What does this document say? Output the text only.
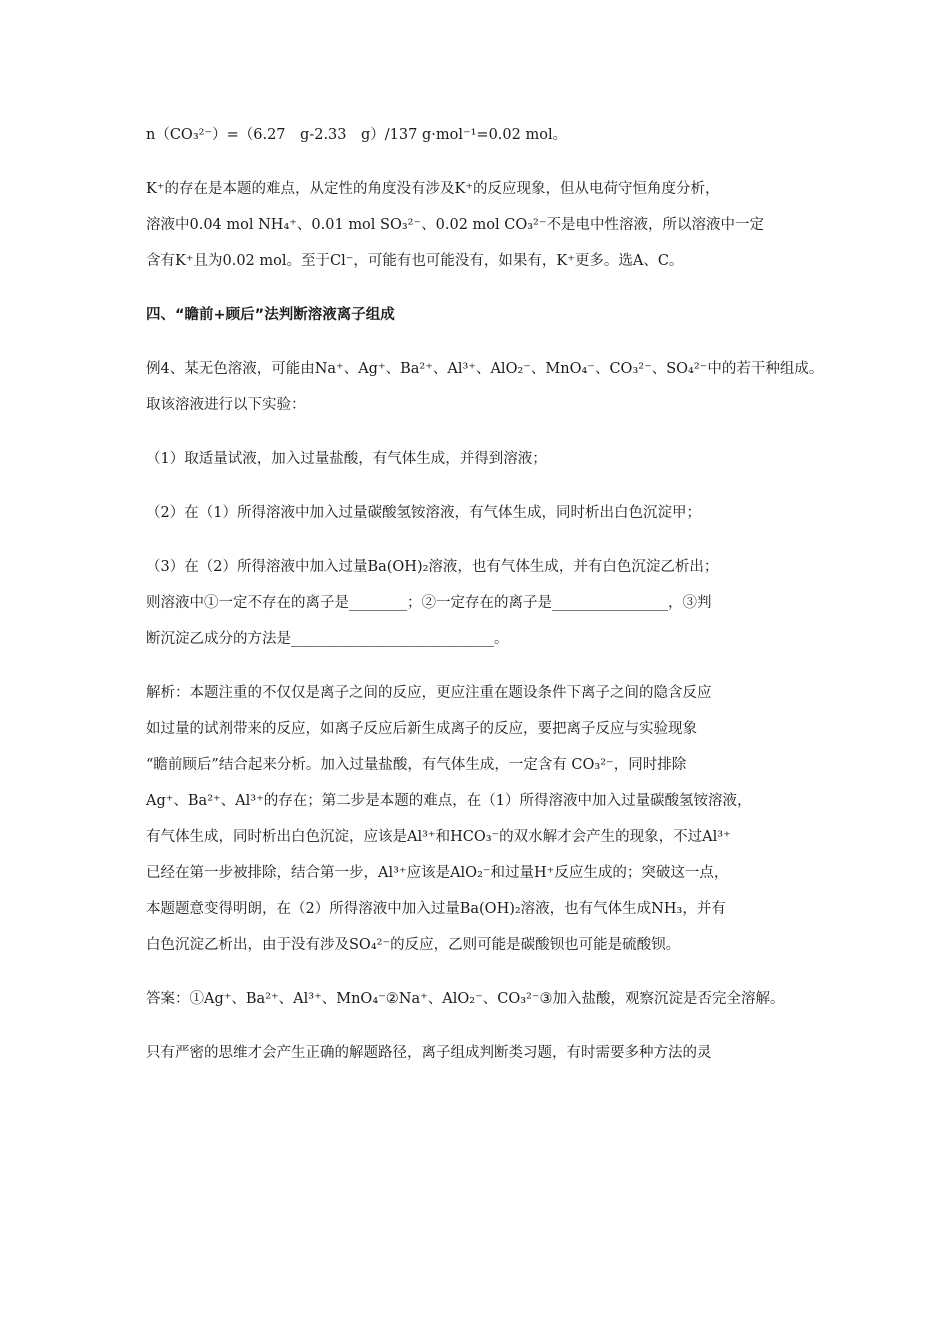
n（CO₃²⁻）=（6.27　g-2.33　g）/137 g·mol⁻¹=0.02 mol。

K⁺的存在是本题的难点，从定性的角度没有涉及K⁺的反应现象，但从电荷守恒角度分析，

溶液中0.04 mol NH₄⁺、0.01 mol SO₃²⁻、0.02 mol CO₃²⁻不是电中性溶液，所以溶液中一定

含有K⁺且为0.02 mol。至于Cl⁻，可能有也可能没有，如果有，K⁺更多。选A、C。

四、“瞻前+顾后”法判断溶液离子组成

例4、某无色溶液，可能由Na⁺、Ag⁺、Ba²⁺、Al³⁺、AlO₂⁻、MnO₄⁻、CO₃²⁻、SO₄²⁻中的若干种组成。

取该溶液进行以下实验：

（1）取适量试液，加入过量盐酸，有气体生成，并得到溶液；

（2）在（1）所得溶液中加入过量碳酸氢铵溶液，有气体生成，同时析出白色沉淀甲；

（3）在（2）所得溶液中加入过量Ba(OH)₂溶液，也有气体生成，并有白色沉淀乙析出；

则溶液中①一定不存在的离子是________；②一定存在的离子是________________，③判

断沉淀乙成分的方法是____________________________。

解析：本题注重的不仅仅是离子之间的反应，更应注重在题设条件下离子之间的隐含反应

如过量的试剂带来的反应，如离子反应后新生成离子的反应，要把离子反应与实验现象

“瞻前顾后”结合起来分析。加入过量盐酸，有气体生成，一定含有 CO₃²⁻，同时排除

Ag⁺、Ba²⁺、Al³⁺的存在；第二步是本题的难点，在（1）所得溶液中加入过量碳酸氢铵溶液，

有气体生成，同时析出白色沉淀，应该是Al³⁺和HCO₃⁻的双水解才会产生的现象，不过Al³⁺

已经在第一步被排除，结合第一步，Al³⁺应该是AlO₂⁻和过量H⁺反应生成的；突破这一点，

本题题意变得明朗，在（2）所得溶液中加入过量Ba(OH)₂溶液，也有气体生成NH₃，并有

白色沉淀乙析出，由于没有涉及SO₄²⁻的反应，乙则可能是碳酸钡也可能是硫酸钡。

答案：①Ag⁺、Ba²⁺、Al³⁺、MnO₄⁻②Na⁺、AlO₂⁻、CO₃²⁻③加入盐酸，观察沉淀是否完全溶解。

只有严密的思维才会产生正确的解题路径，离子组成判断类习题，有时需要多种方法的灵
